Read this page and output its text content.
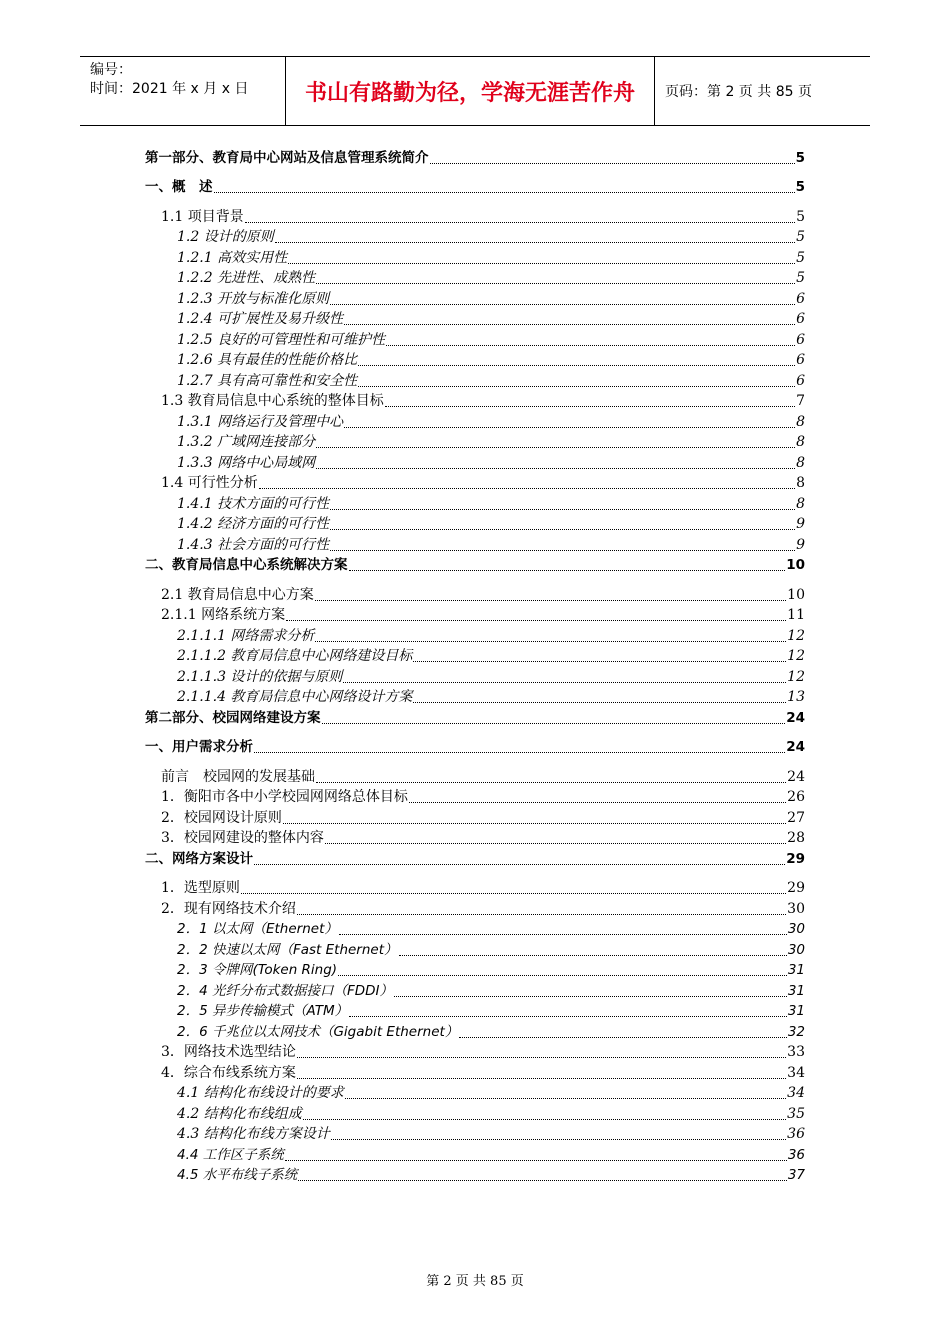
编号：
时间：2021 年 x 月 x 日	书山有路勤为径，学海无涯苦作舟	页码：第 2 页 共 85 页
第一部分、教育局中心网站及信息管理系统简介	5
一、概　述	5
1.1 项目背景	5
1.2 设计的原则	5
1.2.1 高效实用性	5
1.2.2 先进性、成熟性	5
1.2.3 开放与标准化原则	6
1.2.4 可扩展性及易升级性	6
1.2.5 良好的可管理性和可维护性	6
1.2.6 具有最佳的性能价格比	6
1.2.7 具有高可靠性和安全性	6
1.3 教育局信息中心系统的整体目标	7
1.3.1 网络运行及管理中心	8
1.3.2 广域网连接部分	8
1.3.3 网络中心局域网	8
1.4 可行性分析	8
1.4.1 技术方面的可行性	8
1.4.2 经济方面的可行性	9
1.4.3 社会方面的可行性	9
二、教育局信息中心系统解决方案	10
2.1 教育局信息中心方案	10
2.1.1 网络系统方案	11
2.1.1.1 网络需求分析	12
2.1.1.2 教育局信息中心网络建设目标	12
2.1.1.3 设计的依据与原则	12
2.1.1.4 教育局信息中心网络设计方案	13
第二部分、校园网络建设方案	24
一、用户需求分析	24
前言　校园网的发展基础	24
1．衡阳市各中小学校园网网络总体目标	26
2．校园网设计原则	27
3．校园网建设的整体内容	28
二、网络方案设计	29
1．选型原则	29
2．现有网络技术介绍	30
2．1 以太网（Ethernet）	30
2．2 快速以太网（Fast Ethernet）	30
2．3 令牌网(Token Ring)	31
2．4 光纤分布式数据接口（FDDI）	31
2．5 异步传输模式（ATM）	31
2．6 千兆位以太网技术（Gigabit Ethernet）	32
3．网络技术选型结论	33
4．综合布线系统方案	34
4.1 结构化布线设计的要求	34
4.2 结构化布线组成	35
4.3 结构化布线方案设计	36
4.4 工作区子系统	36
4.5 水平布线子系统	37
第 2 页 共 85 页
